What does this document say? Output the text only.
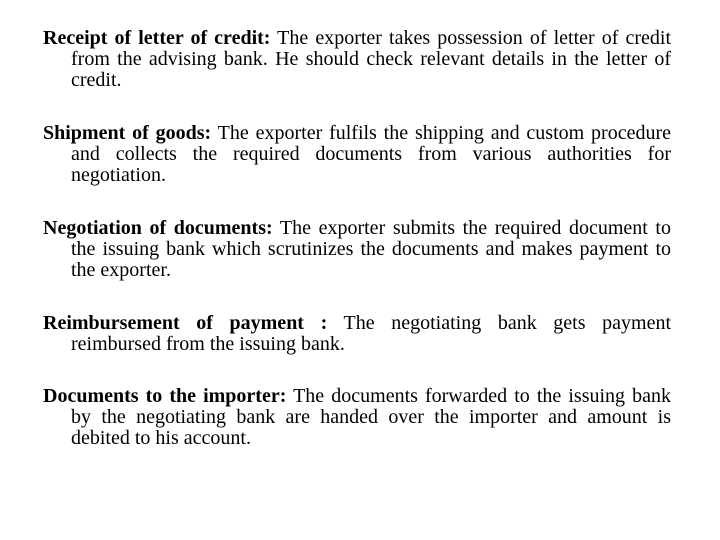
Receipt of letter of credit: The exporter takes possession of letter of credit from the advising bank. He should check relevant details in the letter of credit.

Shipment of goods: The exporter fulfils the shipping and custom procedure and collects the required documents from various authorities for negotiation.

Negotiation of documents: The exporter submits the required document to the issuing bank which scrutinizes the documents and makes payment to the exporter.

Reimbursement of payment : The negotiating bank gets payment reimbursed from the issuing bank.

Documents to the importer: The documents forwarded to the issuing bank by the negotiating bank are handed over the importer and amount is debited to his account.
